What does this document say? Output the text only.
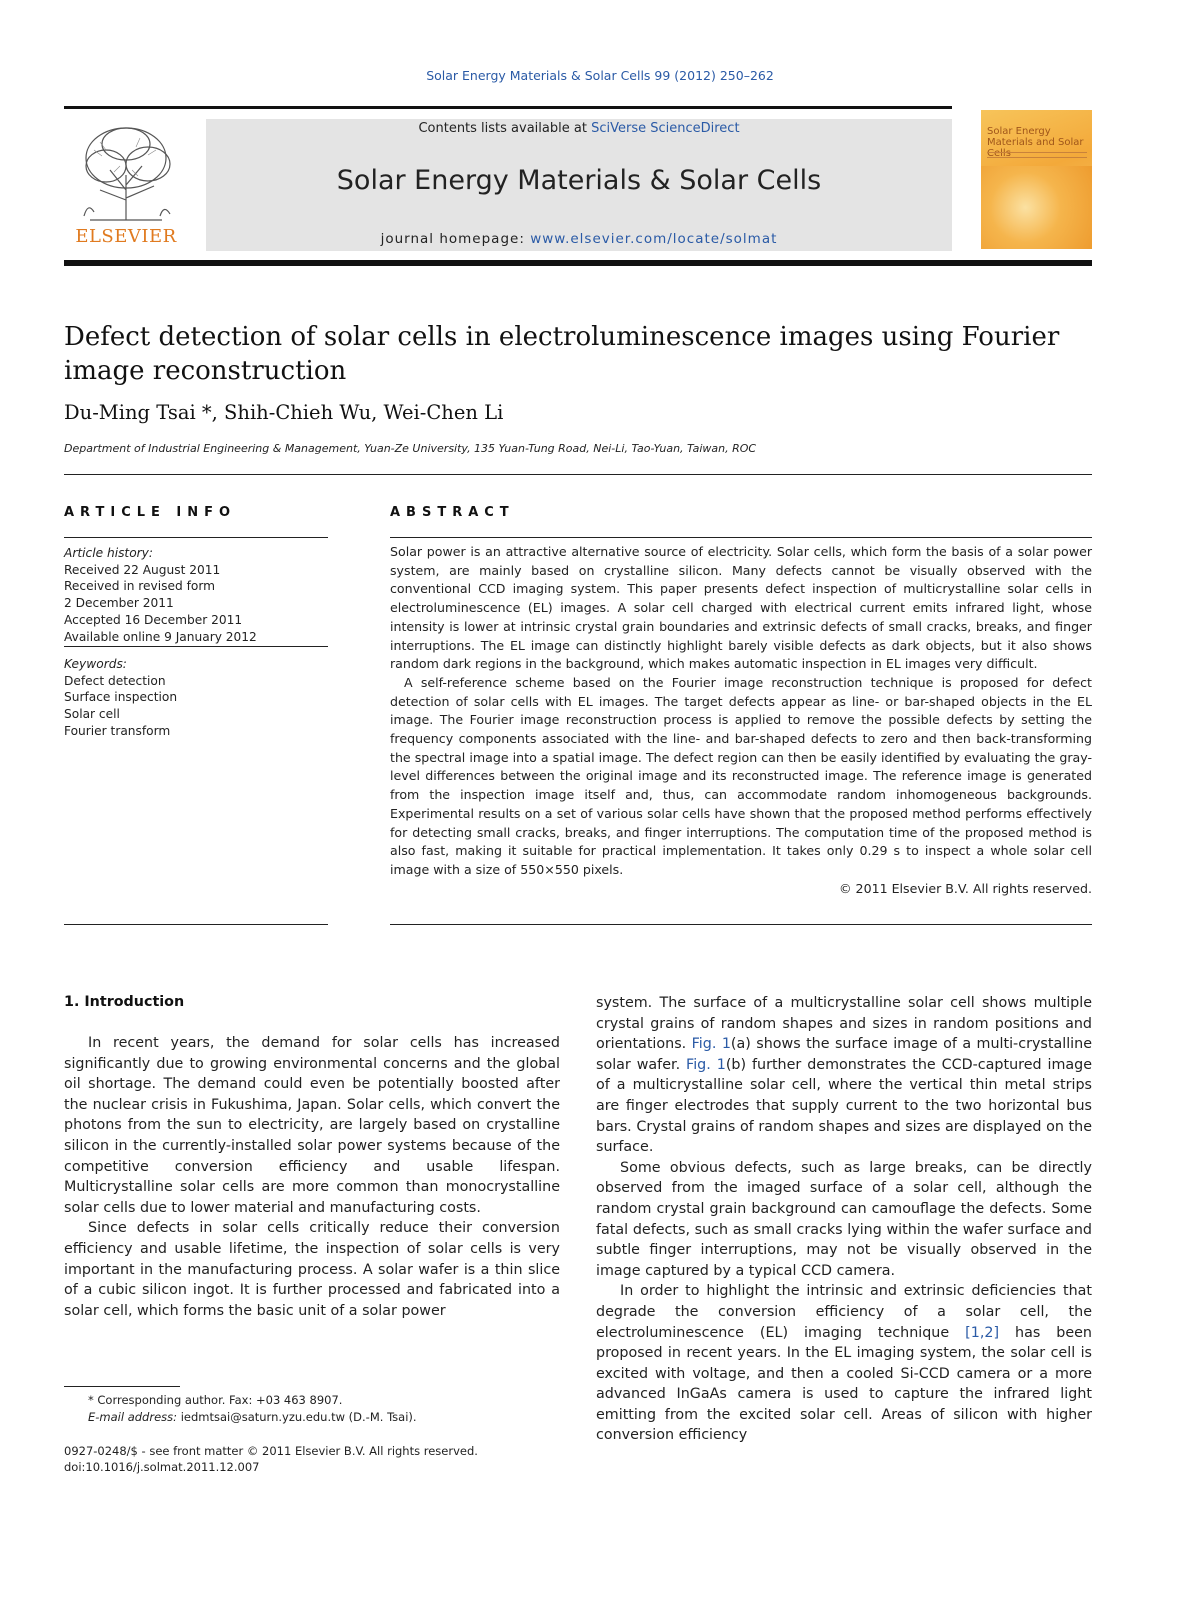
Solar Energy Materials & Solar Cells 99 (2012) 250–262
ELSEVIER
Contents lists available at SciVerse ScienceDirect
Solar Energy Materials & Solar Cells
journal homepage: www.elsevier.com/locate/solmat
Solar Energy Materials and Solar Cells
Defect detection of solar cells in electroluminescence images using Fourier image reconstruction
Du-Ming Tsai *, Shih-Chieh Wu, Wei-Chen Li
Department of Industrial Engineering & Management, Yuan-Ze University, 135 Yuan-Tung Road, Nei-Li, Tao-Yuan, Taiwan, ROC
ARTICLE INFO	ABSTRACT
Article history:
Received 22 August 2011
Received in revised form
2 December 2011
Accepted 16 December 2011
Available online 9 January 2012
Keywords:
Defect detection
Surface inspection
Solar cell
Fourier transform

Solar power is an attractive alternative source of electricity. Solar cells, which form the basis of a solar power system, are mainly based on crystalline silicon. Many defects cannot be visually observed with the conventional CCD imaging system. This paper presents defect inspection of multicrystalline solar cells in electroluminescence (EL) images. A solar cell charged with electrical current emits infrared light, whose intensity is lower at intrinsic crystal grain boundaries and extrinsic defects of small cracks, breaks, and finger interruptions. The EL image can distinctly highlight barely visible defects as dark objects, but it also shows random dark regions in the background, which makes automatic inspection in EL images very difficult.

A self-reference scheme based on the Fourier image reconstruction technique is proposed for defect detection of solar cells with EL images. The target defects appear as line- or bar-shaped objects in the EL image. The Fourier image reconstruction process is applied to remove the possible defects by setting the frequency components associated with the line- and bar-shaped defects to zero and then back-transforming the spectral image into a spatial image. The defect region can then be easily identified by evaluating the gray-level differences between the original image and its reconstructed image. The reference image is generated from the inspection image itself and, thus, can accommodate random inhomogeneous backgrounds. Experimental results on a set of various solar cells have shown that the proposed method performs effectively for detecting small cracks, breaks, and finger interruptions. The computation time of the proposed method is also fast, making it suitable for practical implementation. It takes only 0.29 s to inspect a whole solar cell image with a size of 550×550 pixels.

© 2011 Elsevier B.V. All rights reserved.

1. Introduction

In recent years, the demand for solar cells has increased significantly due to growing environmental concerns and the global oil shortage. The demand could even be potentially boosted after the nuclear crisis in Fukushima, Japan. Solar cells, which convert the photons from the sun to electricity, are largely based on crystalline silicon in the currently-installed solar power systems because of the competitive conversion efficiency and usable lifespan. Multicrystalline solar cells are more common than monocrystalline solar cells due to lower material and manufacturing costs.

Since defects in solar cells critically reduce their conversion efficiency and usable lifetime, the inspection of solar cells is very important in the manufacturing process. A solar wafer is a thin slice of a cubic silicon ingot. It is further processed and fabricated into a solar cell, which forms the basic unit of a solar power

system. The surface of a multicrystalline solar cell shows multiple crystal grains of random shapes and sizes in random positions and orientations. Fig. 1(a) shows the surface image of a multi-crystalline solar wafer. Fig. 1(b) further demonstrates the CCD-captured image of a multicrystalline solar cell, where the vertical thin metal strips are finger electrodes that supply current to the two horizontal bus bars. Crystal grains of random shapes and sizes are displayed on the surface.

Some obvious defects, such as large breaks, can be directly observed from the imaged surface of a solar cell, although the random crystal grain background can camouflage the defects. Some fatal defects, such as small cracks lying within the wafer surface and subtle finger interruptions, may not be visually observed in the image captured by a typical CCD camera.

In order to highlight the intrinsic and extrinsic deficiencies that degrade the conversion efficiency of a solar cell, the electroluminescence (EL) imaging technique [1,2] has been proposed in recent years. In the EL imaging system, the solar cell is excited with voltage, and then a cooled Si-CCD camera or a more advanced InGaAs camera is used to capture the infrared light emitting from the excited solar cell. Areas of silicon with higher conversion efficiency

* Corresponding author. Fax: +03 463 8907.
E-mail address: iedmtsai@saturn.yzu.edu.tw (D.-M. Tsai).
0927-0248/$ - see front matter © 2011 Elsevier B.V. All rights reserved.
doi:10.1016/j.solmat.2011.12.007
